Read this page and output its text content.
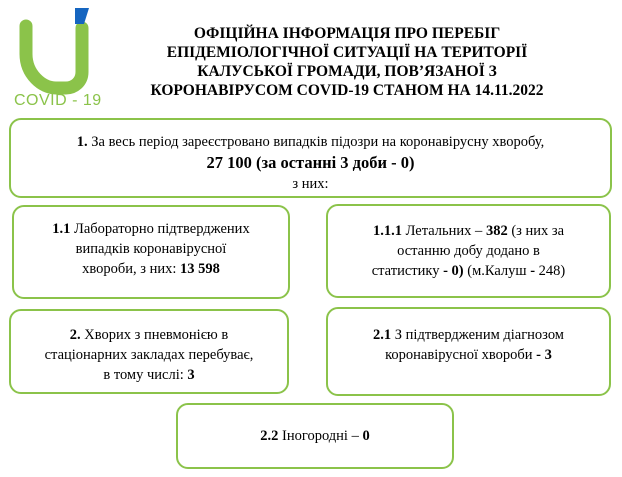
COVID - 19
ОФІЦІЙНА ІНФОРМАЦІЯ ПРО ПЕРЕБІГ
ЕПІДЕМІОЛОГІЧНОЇ СИТУАЦІЇ НА ТЕРИТОРІЇ
КАЛУСЬКОЇ ГРОМАДИ, ПОВ’ЯЗАНОЇ З
КОРОНАВІРУСОМ COVID-19 СТАНОМ НА 14.11.2022
1. За весь період зареєстровано випадків підозри на коронавірусну хворобу,
27 100 (за останні 3 доби - 0)
з них:
1.1 Лабораторно підтверджених
випадків коронавірусної
хвороби, з них: 13 598
1.1.1 Летальних – 382 (з них за
останню добу додано в
статистику - 0) (м.Калуш - 248)
2. Хворих з пневмонією в
стаціонарних закладах перебуває,
в тому числі: 3
2.1 З підтвердженим діагнозом
коронавірусної хвороби - 3
2.2 Іногородні – 0
